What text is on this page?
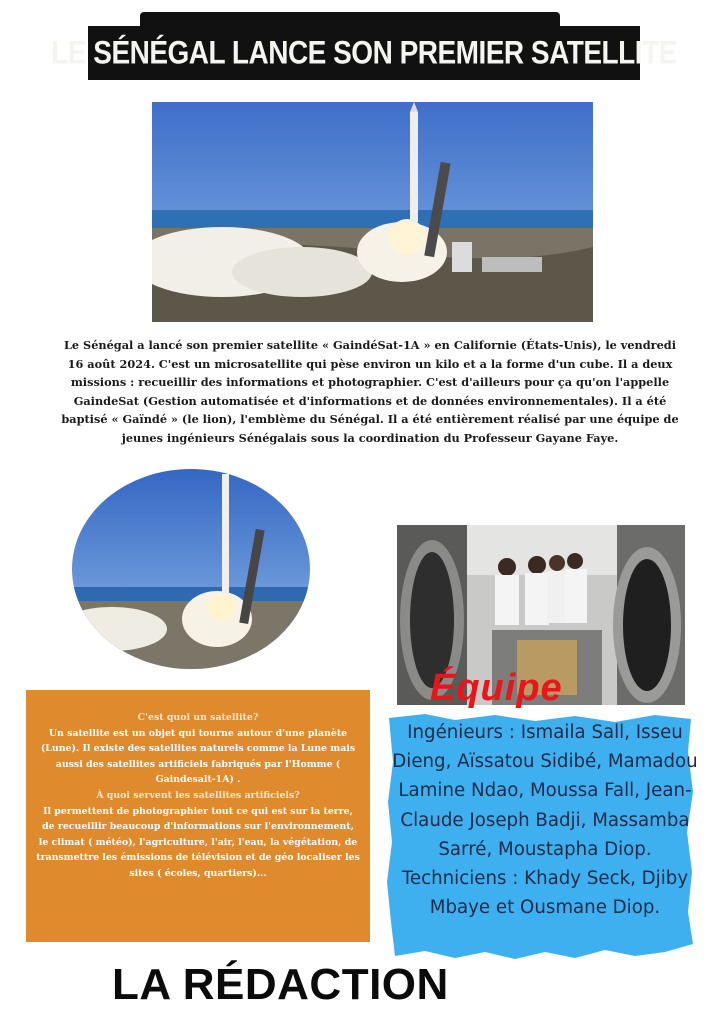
LE SÉNÉGAL LANCE SON PREMIER SATELLITE
Le Sénégal a lancé son premier satellite « GaindéSat-1A » en Californie (États-Unis), le vendredi 16 août 2024. C'est un microsatellite qui pèse environ un kilo et a la forme d'un cube. Il a deux missions : recueillir des informations et photographier. C'est d'ailleurs pour ça qu'on l'appelle GaindeSat (Gestion automatisée et d'informations et de données environnementales). Il a été baptisé « Gaïndé » (le lion), l'emblème du Sénégal. Il a été entièrement réalisé par une équipe de jeunes ingénieurs Sénégalais sous la coordination du Professeur Gayane Faye.
C'est quoi un satellite?
Un satellite est un objet qui tourne autour d'une planète (Lune). Il existe des satellites naturels comme la Lune mais aussi des satellites artificiels fabriqués par l'Homme ( Gaindesalt-1A) .
À quoi servent les satellites artificiels?
Il permettent de photographier tout ce qui est sur la terre, de recueillir beaucoup d'informations sur l'environnement, le climat ( météo), l'agriculture, l'air, l'eau, la végétation, de transmettre les émissions de télévision et de géo localiser les sites ( écoles, quartiers)...
Équipe
Ingénieurs : Ismaila Sall, Isseu Dieng, Aïssatou Sidibé, Mamadou Lamine Ndao, Moussa Fall, Jean-Claude Joseph Badji, Massamba Sarré, Moustapha Diop. Techniciens : Khady Seck, Djiby Mbaye et Ousmane Diop.
LA RÉDACTION
